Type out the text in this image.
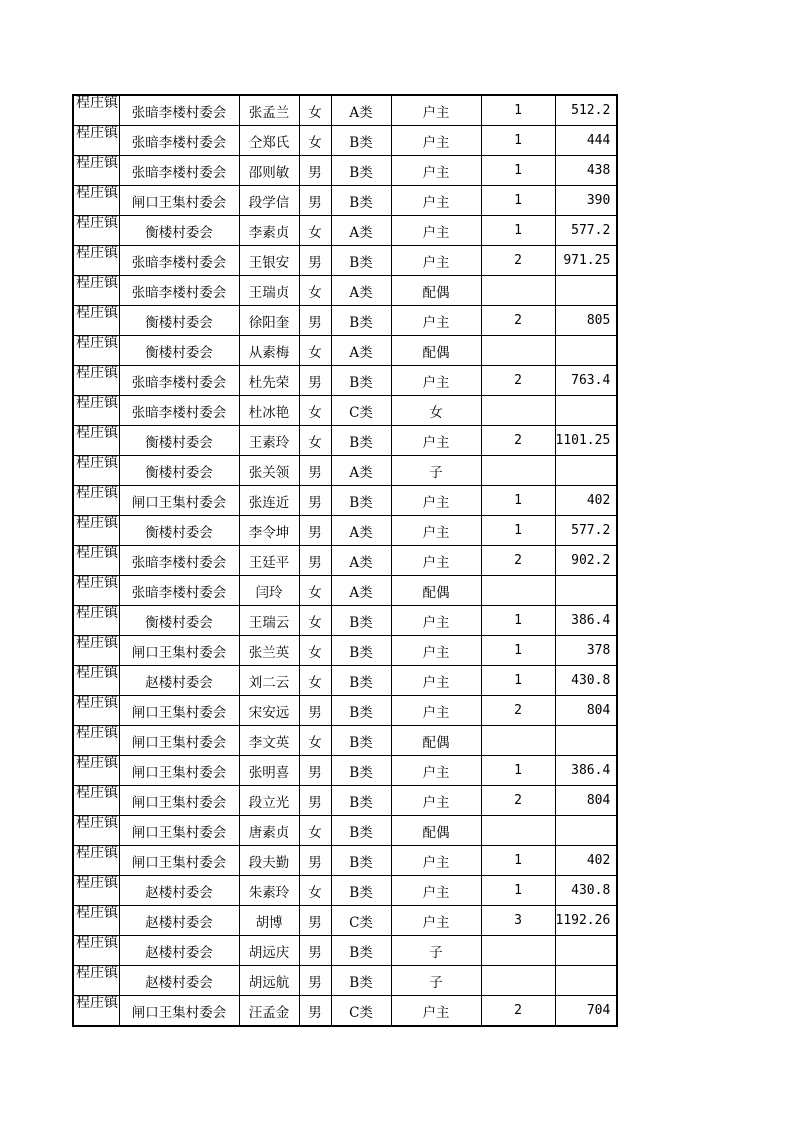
程庄镇	张暗李楼村委会	张孟兰	女	A类	户主	1	512.2
程庄镇	张暗李楼村委会	仝郑氏	女	B类	户主	1	444
程庄镇	张暗李楼村委会	邵则敏	男	B类	户主	1	438
程庄镇	闸口王集村委会	段学信	男	B类	户主	1	390
程庄镇	衡楼村委会	李素贞	女	A类	户主	1	577.2
程庄镇	张暗李楼村委会	王银安	男	B类	户主	2	971.25
程庄镇	张暗李楼村委会	王瑞贞	女	A类	配偶		
程庄镇	衡楼村委会	徐阳奎	男	B类	户主	2	805
程庄镇	衡楼村委会	从素梅	女	A类	配偶		
程庄镇	张暗李楼村委会	杜先荣	男	B类	户主	2	763.4
程庄镇	张暗李楼村委会	杜冰艳	女	C类	女		
程庄镇	衡楼村委会	王素玲	女	B类	户主	2	1101.25
程庄镇	衡楼村委会	张关领	男	A类	子		
程庄镇	闸口王集村委会	张连近	男	B类	户主	1	402
程庄镇	衡楼村委会	李令坤	男	A类	户主	1	577.2
程庄镇	张暗李楼村委会	王廷平	男	A类	户主	2	902.2
程庄镇	张暗李楼村委会	闫玲	女	A类	配偶		
程庄镇	衡楼村委会	王瑞云	女	B类	户主	1	386.4
程庄镇	闸口王集村委会	张兰英	女	B类	户主	1	378
程庄镇	赵楼村委会	刘二云	女	B类	户主	1	430.8
程庄镇	闸口王集村委会	宋安远	男	B类	户主	2	804
程庄镇	闸口王集村委会	李文英	女	B类	配偶		
程庄镇	闸口王集村委会	张明喜	男	B类	户主	1	386.4
程庄镇	闸口王集村委会	段立光	男	B类	户主	2	804
程庄镇	闸口王集村委会	唐素贞	女	B类	配偶		
程庄镇	闸口王集村委会	段夫勤	男	B类	户主	1	402
程庄镇	赵楼村委会	朱素玲	女	B类	户主	1	430.8
程庄镇	赵楼村委会	胡博	男	C类	户主	3	1192.26
程庄镇	赵楼村委会	胡远庆	男	B类	子		
程庄镇	赵楼村委会	胡远航	男	B类	子		
程庄镇	闸口王集村委会	汪孟金	男	C类	户主	2	704
